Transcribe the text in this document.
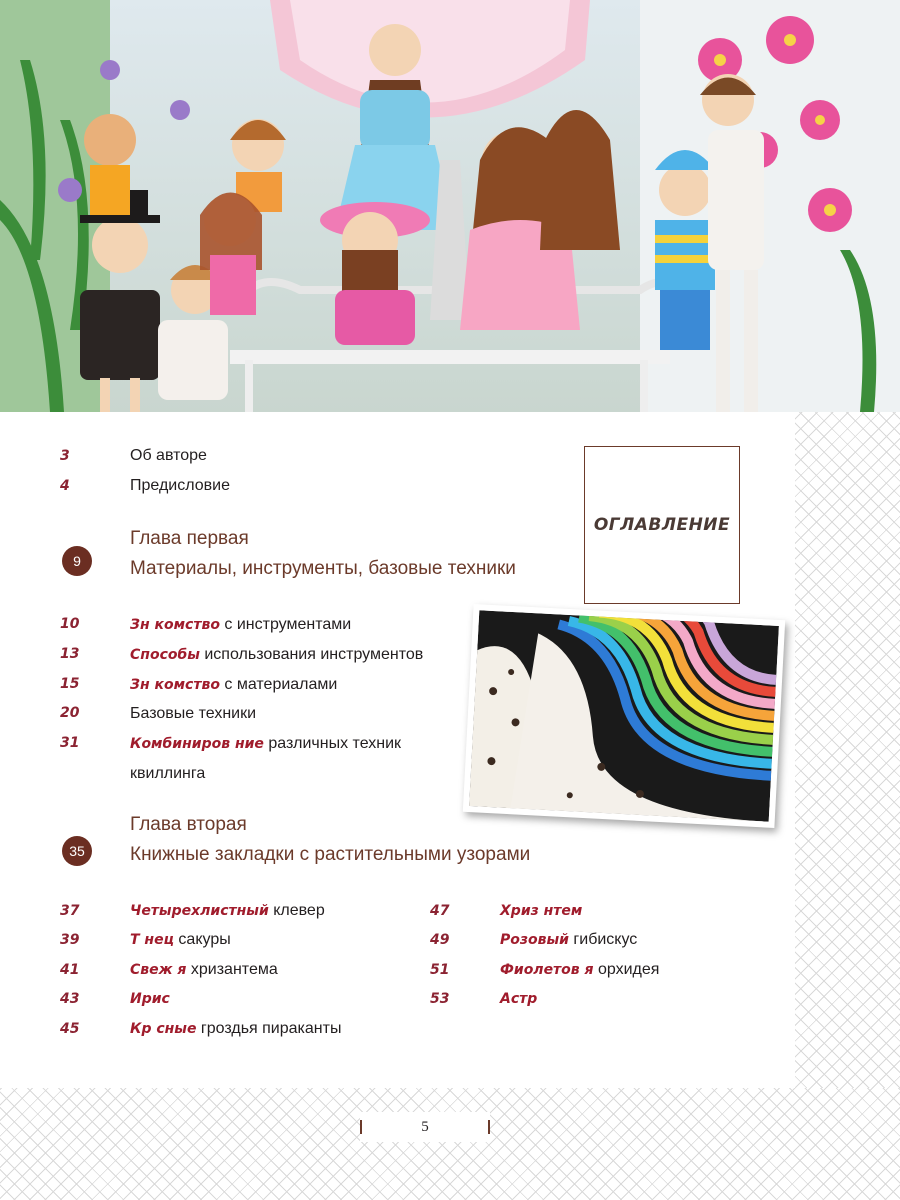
ОГЛАВЛЕНИЕ
3	Об авторе
4	Предисловие
Глава первая
9	Материалы, инструменты, базовые техники
10	Зн комство с инструментами
13	Способы использования инструментов
15	Зн комство с материалами
20	Базовые техники
31	Комбиниров ние различных техник
квиллинга
Глава вторая
35 Книжные закладки с растительными узорами
37	Четырехлистный клевер
39	Т нец сакуры
41	Свеж я хризантема
43	Ирис
45	Кр сные гроздья пираканты
47	Хриз нтем
49	Розовый гибискус
51	Фиолетов я орхидея
53	Астр
5
